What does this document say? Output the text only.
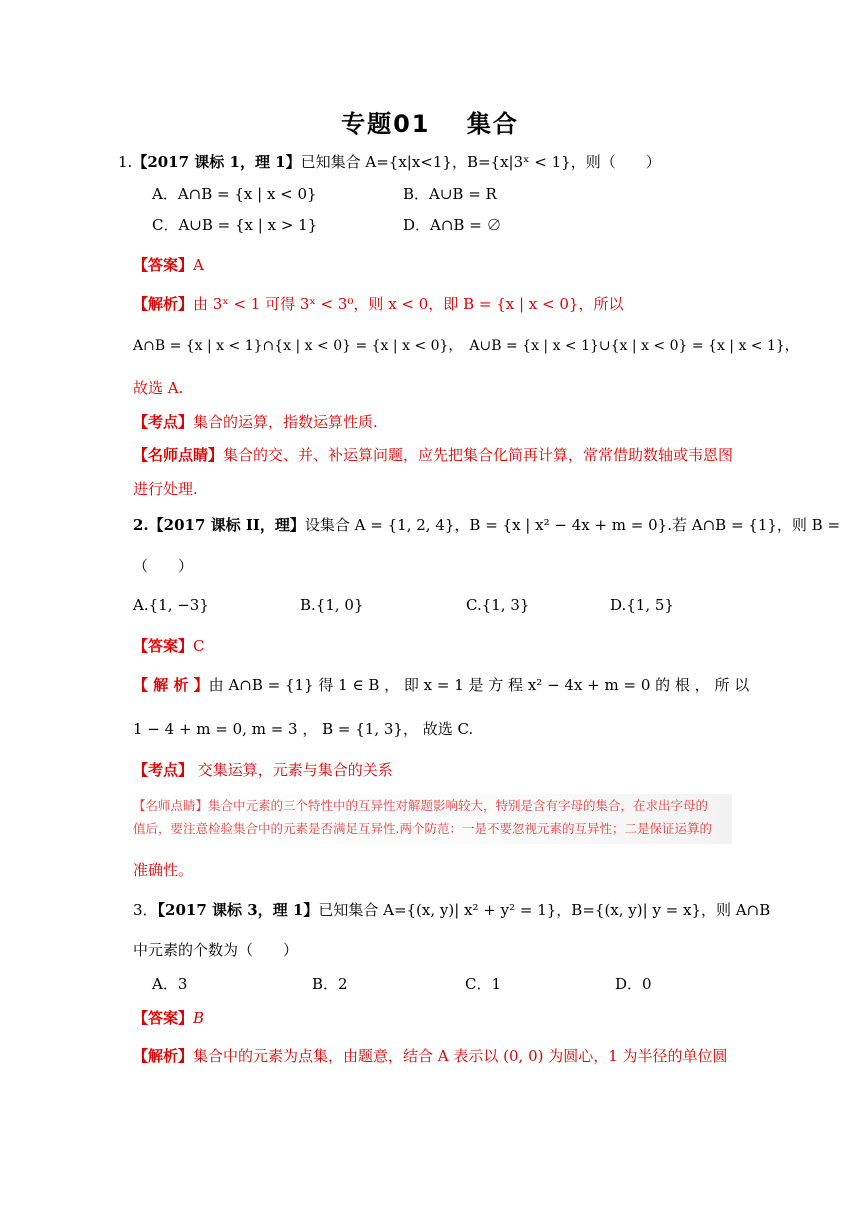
专题01　 集合
1.【2017 课标 1，理 1】已知集合 A={x|x<1}，B={x|3ˣ < 1}，则（　　）
A．A∩B = {x | x < 0}	B．A∪B = R
C．A∪B = {x | x > 1}	D．A∩B = ∅
【答案】A
【解析】由 3ˣ < 1 可得 3ˣ < 3⁰，则 x < 0，即 B = {x | x < 0}，所以
A∩B = {x | x < 1}∩{x | x < 0} = {x | x < 0}，　A∪B = {x | x < 1}∪{x | x < 0} = {x | x < 1}，
故选 A.
【考点】集合的运算，指数运算性质.
【名师点睛】集合的交、并、补运算问题，应先把集合化简再计算，常常借助数轴或韦恩图
进行处理.
2.【2017 课标 II，理】设集合 A = {1, 2, 4}，B = {x | x² − 4x + m = 0}.若 A∩B = {1}，则 B =
（　　）
A.{1, −3}	B.{1, 0}	C.{1, 3}	D.{1, 5}
【答案】C
【 解 析 】由 A∩B = {1} 得 1 ∈ B ， 即 x = 1 是 方 程 x² − 4x + m = 0 的 根 ， 所 以
1 − 4 + m = 0, m = 3 ， B = {1, 3}， 故选 C.
【考点】 交集运算，元素与集合的关系
【名师点睛】集合中元素的三个特性中的互异性对解题影响较大，特别是含有字母的集合，在求出字母的
值后，要注意检验集合中的元素是否满足互异性.两个防范：一是不要忽视元素的互异性；二是保证运算的
准确性。
3．【2017 课标 3，理 1】已知集合 A={(x, y)| x² + y² = 1}，B={(x, y)| y = x}，则 A∩B
中元素的个数为（　　）
A．3	B．2	C．1	D．0
【答案】B
【解析】集合中的元素为点集，由题意，结合 A 表示以 (0, 0) 为圆心，1 为半径的单位圆
